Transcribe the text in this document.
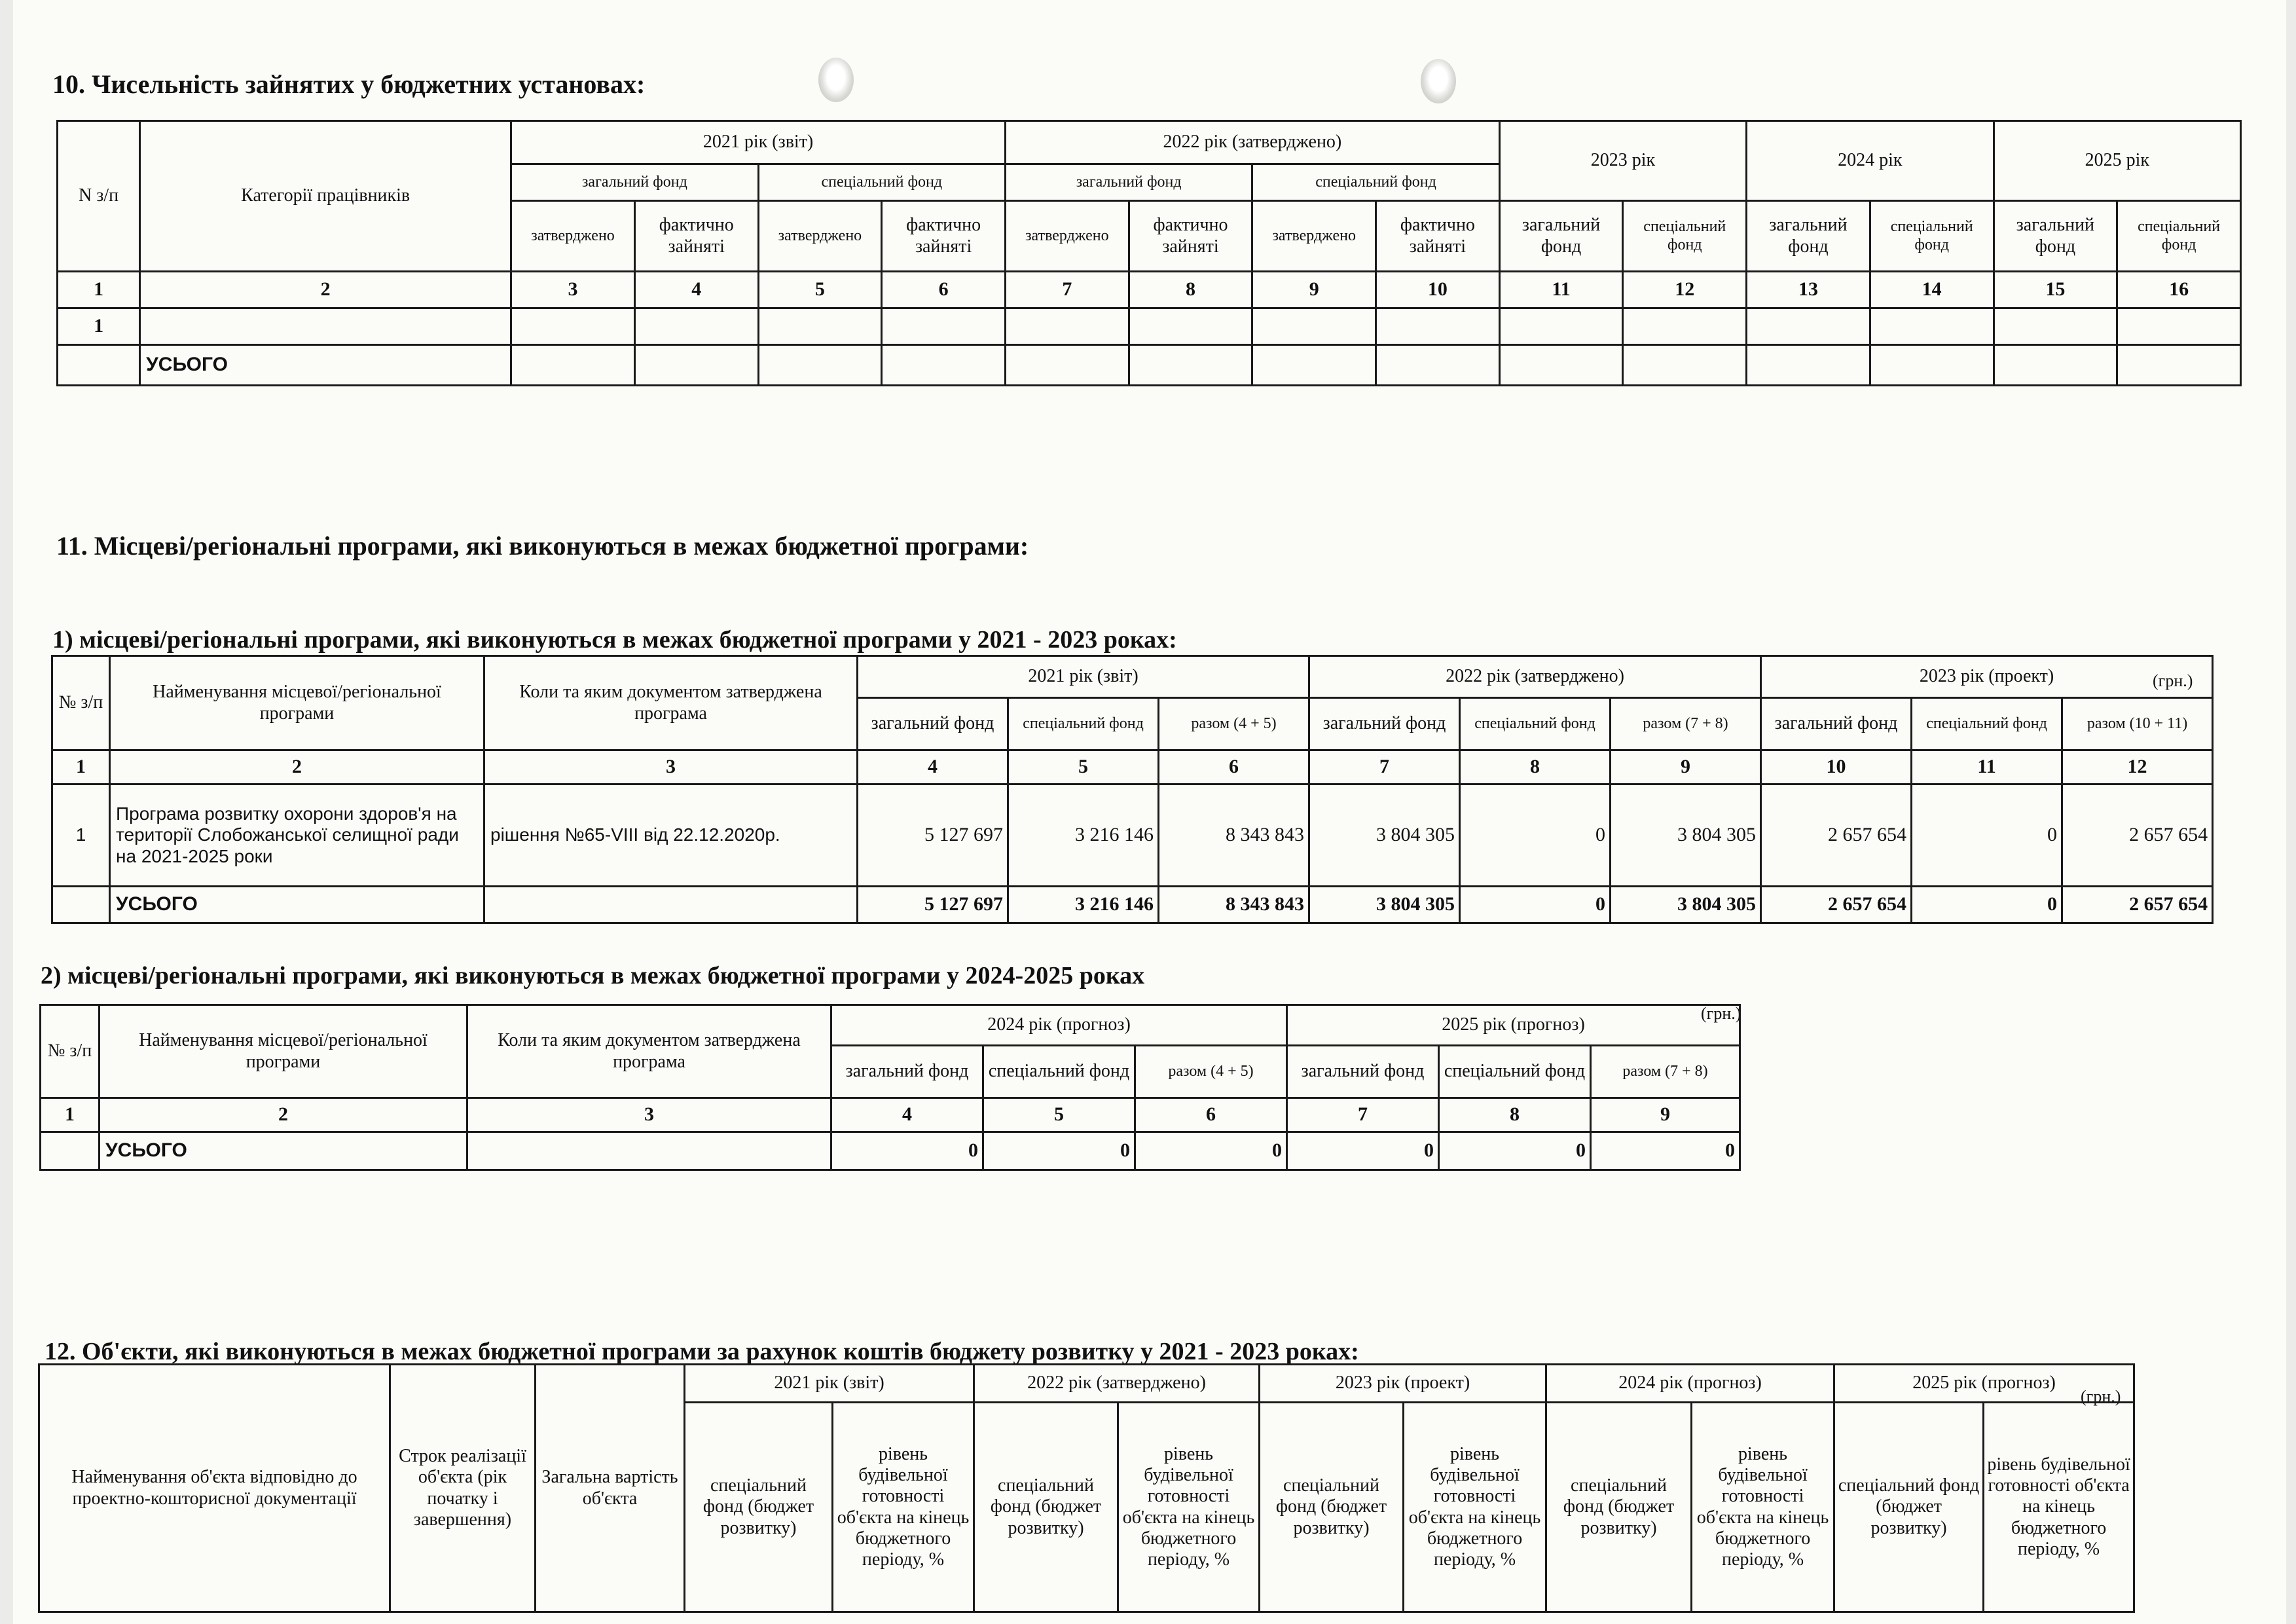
10. Чисельність зайнятих у бюджетних установах:
N з/п	Категорії працівників	2021 рік (звіт)				2022 рік (затверджено)				2023 рік		2024 рік		2025 рік	
		загальний фонд		спеціальний фонд		загальний фонд		спеціальний фонд							
		затверджено	фактично зайняті	затверджено	фактично зайняті	затверджено	фактично зайняті	затверджено	фактично зайняті	загальний фонд	спеціальний фонд	загальний фонд	спеціальний фонд	загальний фонд	спеціальний фонд
1	2	3	4	5	6	7	8	9	10	11	12	13	14	15	16
1															
	УСЬОГО														
11. Місцеві/регіональні програми, які виконуються в межах бюджетної програми:
1) місцеві/регіональні програми, які виконуються в межах бюджетної програми у 2021 - 2023 роках:
(грн.)
№ з/п	Найменування місцевої/регіональної програми	Коли та яким документом затверджена програма	2021 рік (звіт)			2022 рік (затверджено)			2023 рік (проект)		
			загальний фонд	спеціальний фонд	разом (4 + 5)	загальний фонд	спеціальний фонд	разом (7 + 8)	загальний фонд	спеціальний фонд	разом (10 + 11)
1	2	3	4	5	6	7	8	9	10	11	12
1	Програма розвитку охорони здоров'я на території Слобожанської селищної ради на 2021-2025 роки	рішення №65-VIII від 22.12.2020р.	5 127 697	3 216 146	8 343 843	3 804 305	0	3 804 305	2 657 654	0	2 657 654
	УСЬОГО		5 127 697	3 216 146	8 343 843	3 804 305	0	3 804 305	2 657 654	0	2 657 654
2) місцеві/регіональні програми, які виконуються в межах бюджетної програми у 2024-2025 роках
(грн.)
№ з/п	Найменування місцевої/регіональної програми	Коли та яким документом затверджена програма	2024 рік (прогноз)			2025 рік (прогноз)		
			загальний фонд	спеціальний фонд	разом (4 + 5)	загальний фонд	спеціальний фонд	разом (7 + 8)
1	2	3	4	5	6	7	8	9
	УСЬОГО		0	0	0	0	0	0
12. Об'єкти, які виконуються в межах бюджетної програми за рахунок коштів бюджету розвитку у 2021 - 2023 роках:
(грн.)
Найменування об'єкта відповідно до проектно-кошторисної документації	Строк реалізації об'єкта (рік початку і завершення)	Загальна вартість об'єкта	2021 рік (звіт)		2022 рік (затверджено)		2023 рік (проект)		2024 рік (прогноз)		2025 рік (прогноз)	
			спеціальний фонд (бюджет розвитку)	рівень будівельної готовності об'єкта на кінець бюджетного періоду, %	спеціальний фонд (бюджет розвитку)	рівень будівельної готовності об'єкта на кінець бюджетного періоду, %	спеціальний фонд (бюджет розвитку)	рівень будівельної готовності об'єкта на кінець бюджетного періоду, %	спеціальний фонд (бюджет розвитку)	рівень будівельної готовності об'єкта на кінець бюджетного періоду, %	спеціальний фонд (бюджет розвитку)	рівень будівельної готовності об'єкта на кінець бюджетного періоду, %
